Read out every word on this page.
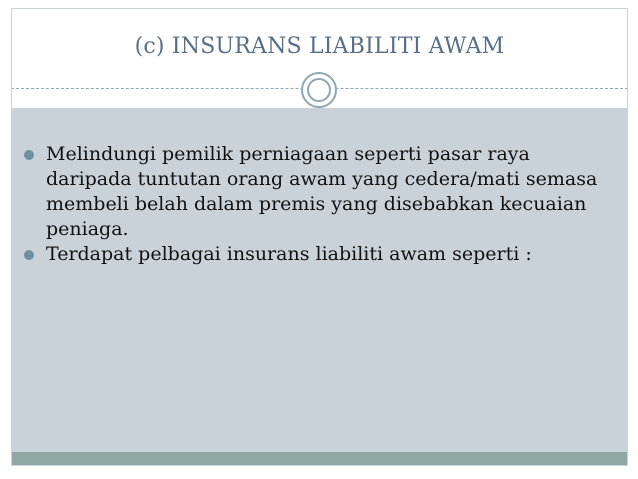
(c) INSURANS LIABILITI AWAM
Melindungi pemilik perniagaan seperti pasar raya daripada tuntutan orang awam yang cedera/mati semasa membeli belah dalam premis yang disebabkan kecuaian peniaga.
Terdapat pelbagai insurans liabiliti awam seperti :
